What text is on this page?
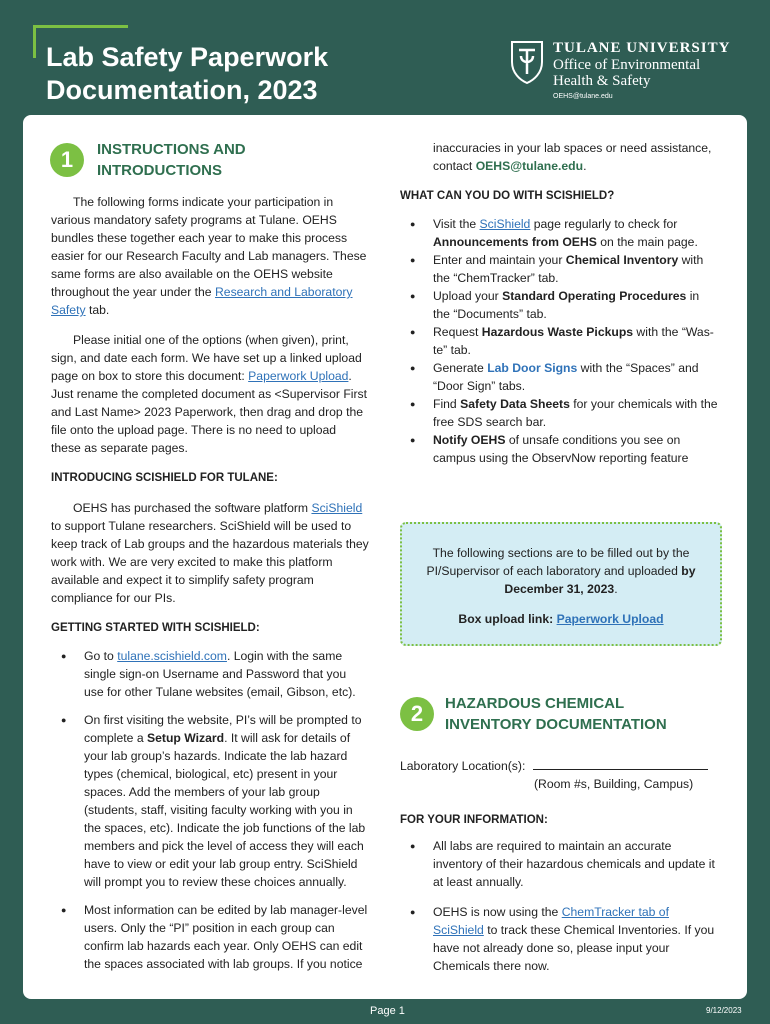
Lab Safety Paperwork
Documentation, 2023
TULANE UNIVERSITY
Office of Environmental
Health & Safety
OEHS@tulane.edu
1	INSTRUCTIONS AND
INTRODUCTIONS

The following forms indicate your participation in various mandatory safety programs at Tulane. OEHS bundles these together each year to make this process easier for our Research Faculty and Lab managers. These same forms are also available on the OEHS website throughout the year under the Research and Laboratory Safety tab.

Please initial one of the options (when given), print, sign, and date each form. We have set up a linked upload page on box to store this document: Paperwork Upload. Just rename the completed document as <Supervisor First and Last Name> 2023 Paperwork, then drag and drop the file onto the upload page. There is no need to upload these as separate pages.

INTRODUCING SCISHIELD FOR TULANE:

OEHS has purchased the software platform SciShield to support Tulane researchers. SciShield will be used to keep track of Lab groups and the hazardous materials they work with. We are very excited to make this platform available and expect it to simplify safety program compliance for our PIs.

GETTING STARTED WITH SCISHIELD:

● Go to tulane.scishield.com. Login with the same single sign-on Username and Password that you use for other Tulane websites (email, Gibson, etc).
● On first visiting the website, PI’s will be prompted to complete a Setup Wizard. It will ask for details of your lab group’s hazards. Indicate the lab hazard types (chemical, biological, etc) present in your spaces. Add the members of your lab group (students, staff, visiting faculty working with you in the spaces, etc). Indicate the job functions of the lab members and pick the level of access they will each have to view or edit your lab group entry. SciShield will prompt you to review these choices annually.
● Most information can be edited by lab manager-level users. Only the “PI” position in each group can confirm lab hazards each year. Only OEHS can edit the spaces associated with lab groups. If you notice

inaccuracies in your lab spaces or need assistance, contact OEHS@tulane.edu.

WHAT CAN YOU DO WITH SCISHIELD?

● Visit the SciShield page regularly to check for Announcements from OEHS on the main page.
● Enter and maintain your Chemical Inventory with the “ChemTracker” tab.
● Upload your Standard Operating Procedures in the “Documents” tab.
● Request Hazardous Waste Pickups with the “Was-te” tab.
● Generate Lab Door Signs with the “Spaces” and “Door Sign” tabs.
● Find Safety Data Sheets for your chemicals with the free SDS search bar.
● Notify OEHS of unsafe conditions you see on campus using the ObservNow reporting feature

The following sections are to be filled out by the PI/Supervisor of each laboratory and uploaded by December 31, 2023.

Box upload link: Paperwork Upload

2	HAZARDOUS CHEMICAL
INVENTORY DOCUMENTATION

Laboratory Location(s):

(Room #s, Building, Campus)

FOR YOUR INFORMATION:

● All labs are required to maintain an accurate inventory of their hazardous chemicals and update it at least annually.
● OEHS is now using the ChemTracker tab of SciShield to track these Chemical Inventories. If you have not already done so, please input your Chemicals there now.
Page 1	9/12/2023
